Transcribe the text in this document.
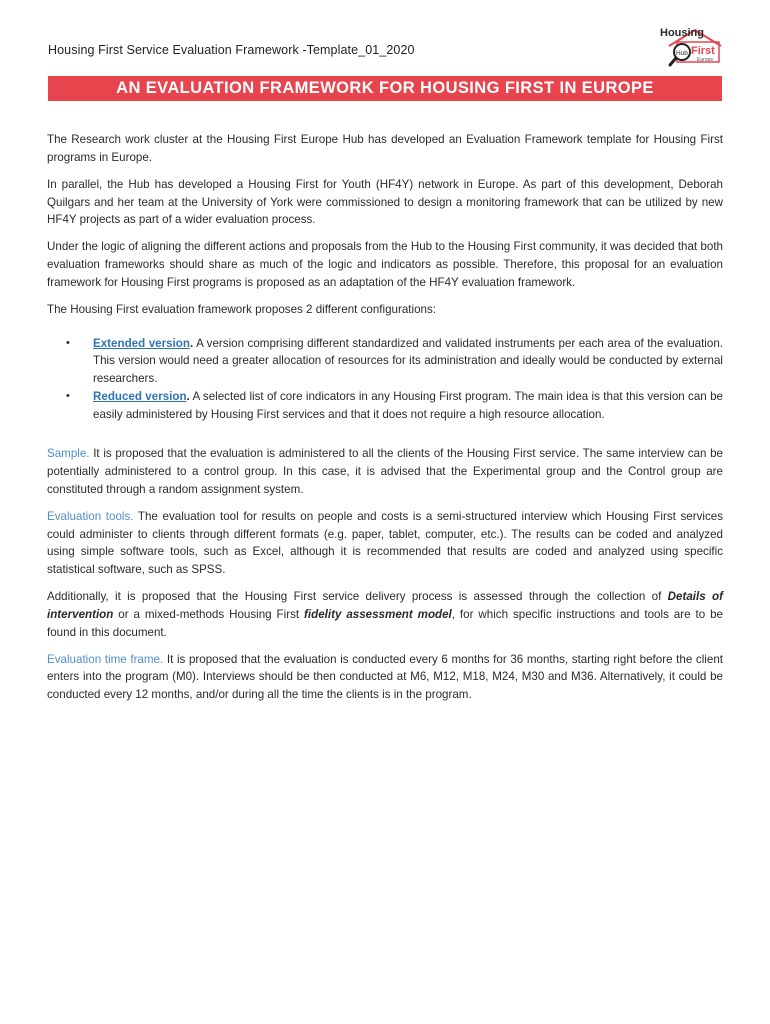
Housing First Service Evaluation Framework -Template_01_2020
Housing
First
Hub
Europe
AN EVALUATION FRAMEWORK FOR HOUSING FIRST IN EUROPE

The Research work cluster at the Housing First Europe Hub has developed an Evaluation Framework template for Housing First programs in Europe.

In parallel, the Hub has developed a Housing First for Youth (HF4Y) network in Europe. As part of this development, Deborah Quilgars and her team at the University of York were commissioned to design a monitoring framework that can be utilized by new HF4Y projects as part of a wider evaluation process.

Under the logic of aligning the different actions and proposals from the Hub to the Housing First community, it was decided that both evaluation frameworks should share as much of the logic and indicators as possible. Therefore, this proposal for an evaluation framework for Housing First programs is proposed as an adaptation of the HF4Y evaluation framework.

The Housing First evaluation framework proposes 2 different configurations:

• Extended version. A version comprising different standardized and validated instruments per each area of the evaluation. This version would need a greater allocation of resources for its administration and ideally would be conducted by external researchers.
• Reduced version. A selected list of core indicators in any Housing First program. The main idea is that this version can be easily administered by Housing First services and that it does not require a high resource allocation.

Sample. It is proposed that the evaluation is administered to all the clients of the Housing First service. The same interview can be potentially administered to a control group. In this case, it is advised that the Experimental group and the Control group are constituted through a random assignment system.

Evaluation tools. The evaluation tool for results on people and costs is a semi-structured interview which Housing First services could administer to clients through different formats (e.g. paper, tablet, computer, etc.). The results can be coded and analyzed using simple software tools, such as Excel, although it is recommended that results are coded and analyzed using specific statistical software, such as SPSS.

Additionally, it is proposed that the Housing First service delivery process is assessed through the collection of Details of intervention or a mixed-methods Housing First fidelity assessment model, for which specific instructions and tools are to be found in this document.

Evaluation time frame. It is proposed that the evaluation is conducted every 6 months for 36 months, starting right before the client enters into the program (M0). Interviews should be then conducted at M6, M12, M18, M24, M30 and M36. Alternatively, it could be conducted every 12 months, and/or during all the time the clients is in the program.
